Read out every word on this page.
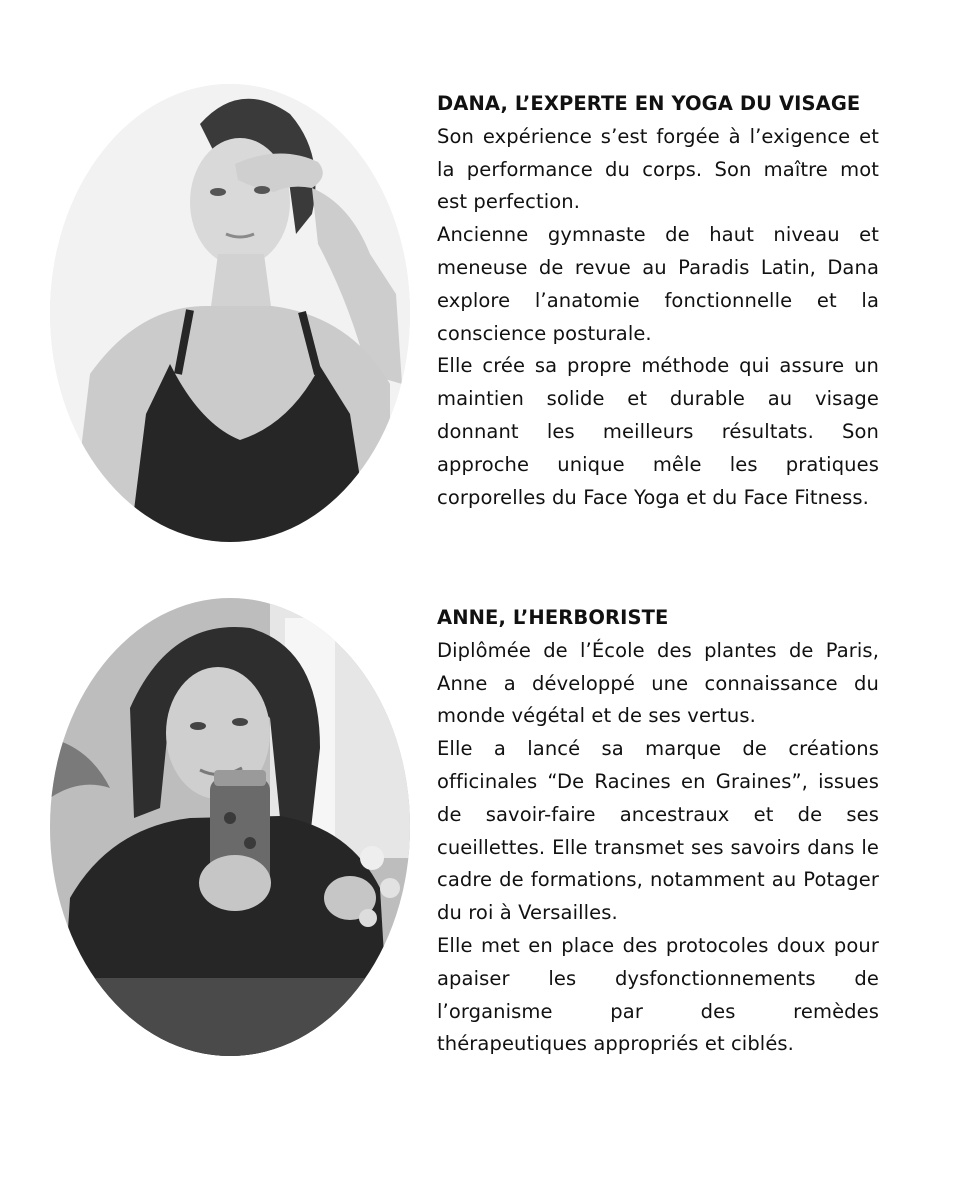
DANA, L’EXPERTE EN YOGA DU VISAGE

Son expérience s’est forgée à l’exigence et la performance du corps. Son maître mot est perfection.

Ancienne gymnaste de haut niveau et meneuse de revue au Paradis Latin, Dana explore l’anatomie fonctionnelle et la conscience posturale.

Elle crée sa propre méthode qui assure un maintien solide et durable au visage donnant les meilleurs résultats. Son approche unique mêle les pratiques corporelles du Face Yoga et du Face Fitness.

ANNE, L’HERBORISTE

Diplômée de l’École des plantes de Paris, Anne a développé une connaissance du monde végétal et de ses vertus.

Elle a lancé sa marque de créations officinales “De Racines en Graines”, issues de savoir-faire ancestraux et de ses cueillettes. Elle transmet ses savoirs dans le cadre de formations, notamment au Potager du roi à Versailles.

Elle met en place des protocoles doux pour apaiser les dysfonctionnements de l’organisme par des remèdes thérapeutiques appropriés et ciblés.
